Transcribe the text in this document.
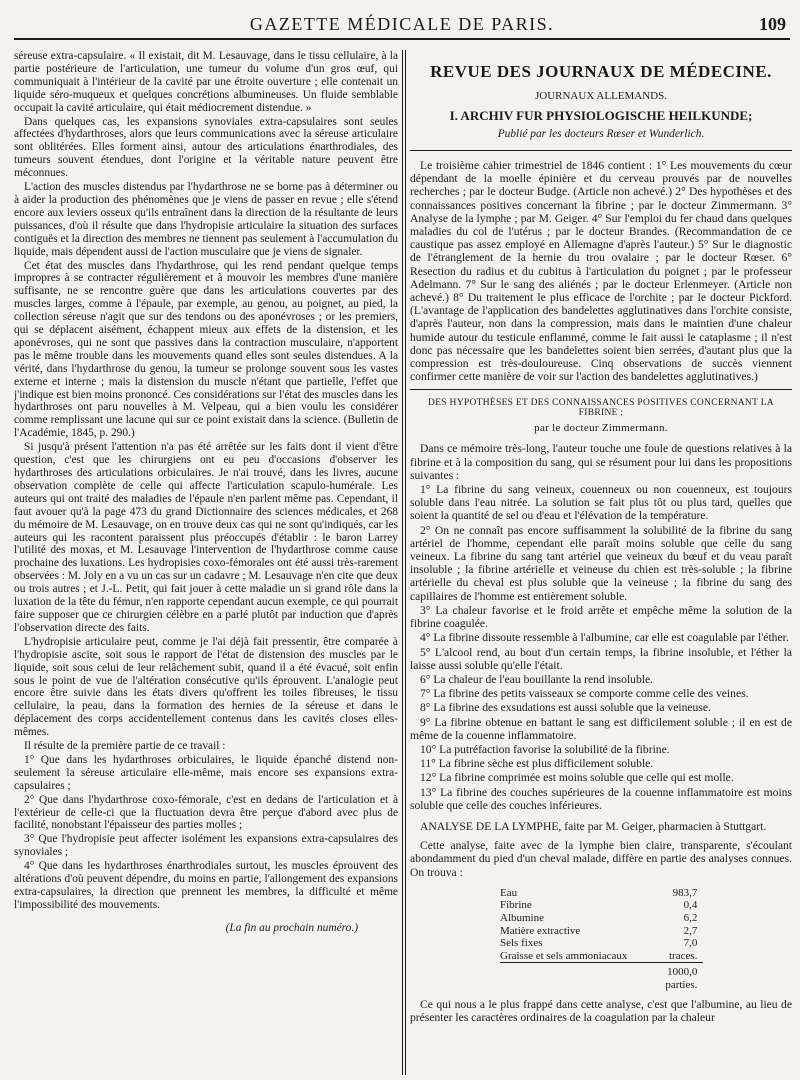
GAZETTE MÉDICALE DE PARIS.	109

séreuse extra-capsulaire. « Il existait, dit M. Lesauvage, dans le tissu cellulaire, à la partie postérieure de l'articulation, une tumeur du volume d'un gros œuf, qui communiquait à l'intérieur de la cavité par une étroite ouverture ; elle contenait un liquide séro-muqueux et quelques concrétions albumineuses. Un fluide semblable occupait la cavité articulaire, qui était médiocrement distendue. »

Dans quelques cas, les expansions synoviales extra-capsulaires sont seules affectées d'hydarthroses, alors que leurs communications avec la séreuse articulaire sont oblitérées. Elles forment ainsi, autour des articulations énarthrodiales, des tumeurs souvent étendues, dont l'origine et la véritable nature peuvent être méconnues.

L'action des muscles distendus par l'hydarthrose ne se borne pas à déterminer ou à aider la production des phénomènes que je viens de passer en revue ; elle s'étend encore aux leviers osseux qu'ils entraînent dans la direction de la résultante de leurs puissances, d'où il résulte que dans l'hydropisie articulaire la situation des surfaces contiguës et la direction des membres ne tiennent pas seulement à l'accumulation du liquide, mais dépendent aussi de l'action musculaire que je viens de signaler.

Cet état des muscles dans l'hydarthrose, qui les rend pendant quelque temps impropres à se contracter régulièrement et à mouvoir les membres d'une manière suffisante, ne se rencontre guère que dans les articulations couvertes par des muscles larges, comme à l'épaule, par exemple, au genou, au poignet, au pied, la collection séreuse n'agit que sur des tendons ou des aponévroses ; or les premiers, qui se déplacent aisément, échappent mieux aux effets de la distension, et les aponévroses, qui ne sont que passives dans la contraction musculaire, n'apportent pas le même trouble dans les mouvements quand elles sont seules distendues. A la vérité, dans l'hydarthrose du genou, la tumeur se prolonge souvent sous les vastes externe et interne ; mais la distension du muscle n'étant que partielle, l'effet que j'indique est bien moins prononcé. Ces considérations sur l'état des muscles dans les hydarthroses ont paru nouvelles à M. Velpeau, qui a bien voulu les considérer comme remplissant une lacune qui sur ce point existait dans la science. (Bulletin de l'Académie, 1845, p. 290.)

Si jusqu'à présent l'attention n'a pas été arrêtée sur les faits dont il vient d'être question, c'est que les chirurgiens ont eu peu d'occasions d'observer les hydarthroses des articulations orbiculaires. Je n'ai trouvé, dans les livres, aucune observation complète de celle qui affecte l'articulation scapulo-humérale. Les auteurs qui ont traité des maladies de l'épaule n'en parlent même pas. Cependant, il faut avouer qu'à la page 473 du grand Dictionnaire des sciences médicales, et 268 du mémoire de M. Lesauvage, on en trouve deux cas qui ne sont qu'indiqués, car les auteurs qui les racontent paraissent plus préoccupés d'établir : le baron Larrey l'utilité des moxas, et M. Lesauvage l'intervention de l'hydarthrose comme cause prochaine des luxations. Les hydropisies coxo-fémorales ont été aussi très-rarement observées : M. Joly en a vu un cas sur un cadavre ; M. Lesauvage n'en cite que deux ou trois autres ; et J.-L. Petit, qui fait jouer à cette maladie un si grand rôle dans la luxation de la tête du fémur, n'en rapporte cependant aucun exemple, ce qui pourrait faire supposer que ce chirurgien célèbre en a parlé plutôt par induction que d'après l'observation directe des faits.

L'hydropisie articulaire peut, comme je l'ai déjà fait pressentir, être comparée à l'hydropisie ascite, soit sous le rapport de l'état de distension des muscles par le liquide, soit sous celui de leur relâchement subit, quand il a été évacué, soit enfin sous le point de vue de l'altération consécutive qu'ils éprouvent. L'analogie peut encore être suivie dans les états divers qu'offrent les toiles fibreuses, le tissu cellulaire, la peau, dans la formation des hernies de la séreuse et dans le déplacement des corps accidentellement contenus dans les cavités closes elles-mêmes.

Il résulte de la première partie de ce travail :

1° Que dans les hydarthroses orbiculaires, le liquide épanché distend non-seulement la séreuse articulaire elle-même, mais encore ses expansions extra-capsulaires ;

2° Que dans l'hydarthrose coxo-fémorale, c'est en dedans de l'articulation et à l'extérieur de celle-ci que la fluctuation devra être perçue d'abord avec plus de facilité, nonobstant l'épaisseur des parties molles ;

3° Que l'hydropisie peut affecter isolément les expansions extra-capsulaires des synoviales ;

4° Que dans les hydarthroses énarthrodiales surtout, les muscles éprouvent des altérations d'où peuvent dépendre, du moins en partie, l'allongement des expansions extra-capsulaires, la direction que prennent les membres, la difficulté et même l'impossibilité des mouvements.

(La fin au prochain numéro.)
REVUE DES JOURNAUX DE MÉDECINE.
JOURNAUX ALLEMANDS.
I. ARCHIV FUR PHYSIOLOGISCHE HEILKUNDE;
Publié par les docteurs Rœser et Wunderlich.

Le troisième cahier trimestriel de 1846 contient : 1° Les mouvements du cœur dépendant de la moelle épinière et du cerveau prouvés par de nouvelles recherches ; par le docteur Budge. (Article non achevé.) 2° Des hypothèses et des connaissances positives concernant la fibrine ; par le docteur Zimmermann. 3° Analyse de la lymphe ; par M. Geiger. 4° Sur l'emploi du fer chaud dans quelques maladies du col de l'utérus ; par le docteur Brandes. (Recommandation de ce caustique pas assez employé en Allemagne d'après l'auteur.) 5° Sur le diagnostic de l'étranglement de la hernie du trou ovalaire ; par le docteur Rœser. 6° Resection du radius et du cubitus à l'articulation du poignet ; par le professeur Adelmann. 7° Sur le sang des aliénés ; par le docteur Erlenmeyer. (Article non achevé.) 8° Du traitement le plus efficace de l'orchite ; par le docteur Pickford. (L'avantage de l'application des bandelettes agglutinatives dans l'orchite consiste, d'après l'auteur, non dans la compression, mais dans le maintien d'une chaleur humide autour du testicule enflammé, comme le fait aussi le cataplasme ; il n'est donc pas nécessaire que les bandelettes soient bien serrées, d'autant plus que la compression est très-douloureuse. Cinq observations de succès viennent confirmer cette manière de voir sur l'action des bandelettes agglutinatives.)

DES HYPOTHÈSES ET DES CONNAISSANCES POSITIVES CONCERNANT LA FIBRINE ;
par le docteur Zimmermann.

Dans ce mémoire très-long, l'auteur touche une foule de questions relatives à la fibrine et à la composition du sang, qui se résument pour lui dans les propositions suivantes :

1° La fibrine du sang veineux, couenneux ou non couenneux, est toujours soluble dans l'eau nitrée. La solution se fait plus tôt ou plus tard, quelles que soient la quantité de sel ou d'eau et l'élévation de la température.

2° On ne connaît pas encore suffisamment la solubilité de la fibrine du sang artériel de l'homme, cependant elle paraît moins soluble que celle du sang veineux. La fibrine du sang tant artériel que veineux du bœuf et du veau paraît insoluble ; la fibrine artérielle et veineuse du chien est très-soluble ; la fibrine artérielle du cheval est plus soluble que la veineuse ; la fibrine du sang des capillaires de l'homme est entièrement soluble.

3° La chaleur favorise et le froid arrête et empêche même la solution de la fibrine coagulée.

4° La fibrine dissoute ressemble à l'albumine, car elle est coagulable par l'éther.

5° L'alcool rend, au bout d'un certain temps, la fibrine insoluble, et l'éther la laisse aussi soluble qu'elle l'était.

6° La chaleur de l'eau bouillante la rend insoluble.

7° La fibrine des petits vaisseaux se comporte comme celle des veines.

8° La fibrine des exsudations est aussi soluble que la veineuse.

9° La fibrine obtenue en battant le sang est difficilement soluble ; il en est de même de la couenne inflammatoire.

10° La putréfaction favorise la solubilité de la fibrine.

11° La fibrine sèche est plus difficilement soluble.

12° La fibrine comprimée est moins soluble que celle qui est molle.

13° La fibrine des couches supérieures de la couenne inflammatoire est moins soluble que celle des couches inférieures.

ANALYSE DE LA LYMPHE, faite par M. Geiger, pharmacien à Stuttgart.

Cette analyse, faite avec de la lymphe bien claire, transparente, s'écoulant abondamment du pied d'un cheval malade, diffère en partie des analyses connues. On trouva :

Eau	983,7
Fibrine	0,4
Albumine	6,2
Matière extractive	2,7
Sels fixes	7,0
Graisse et sels ammoniacaux	traces.
	1000,0 parties.

Ce qui nous a le plus frappé dans cette analyse, c'est que l'albumine, au lieu de présenter les caractères ordinaires de la coagulation par la chaleur
